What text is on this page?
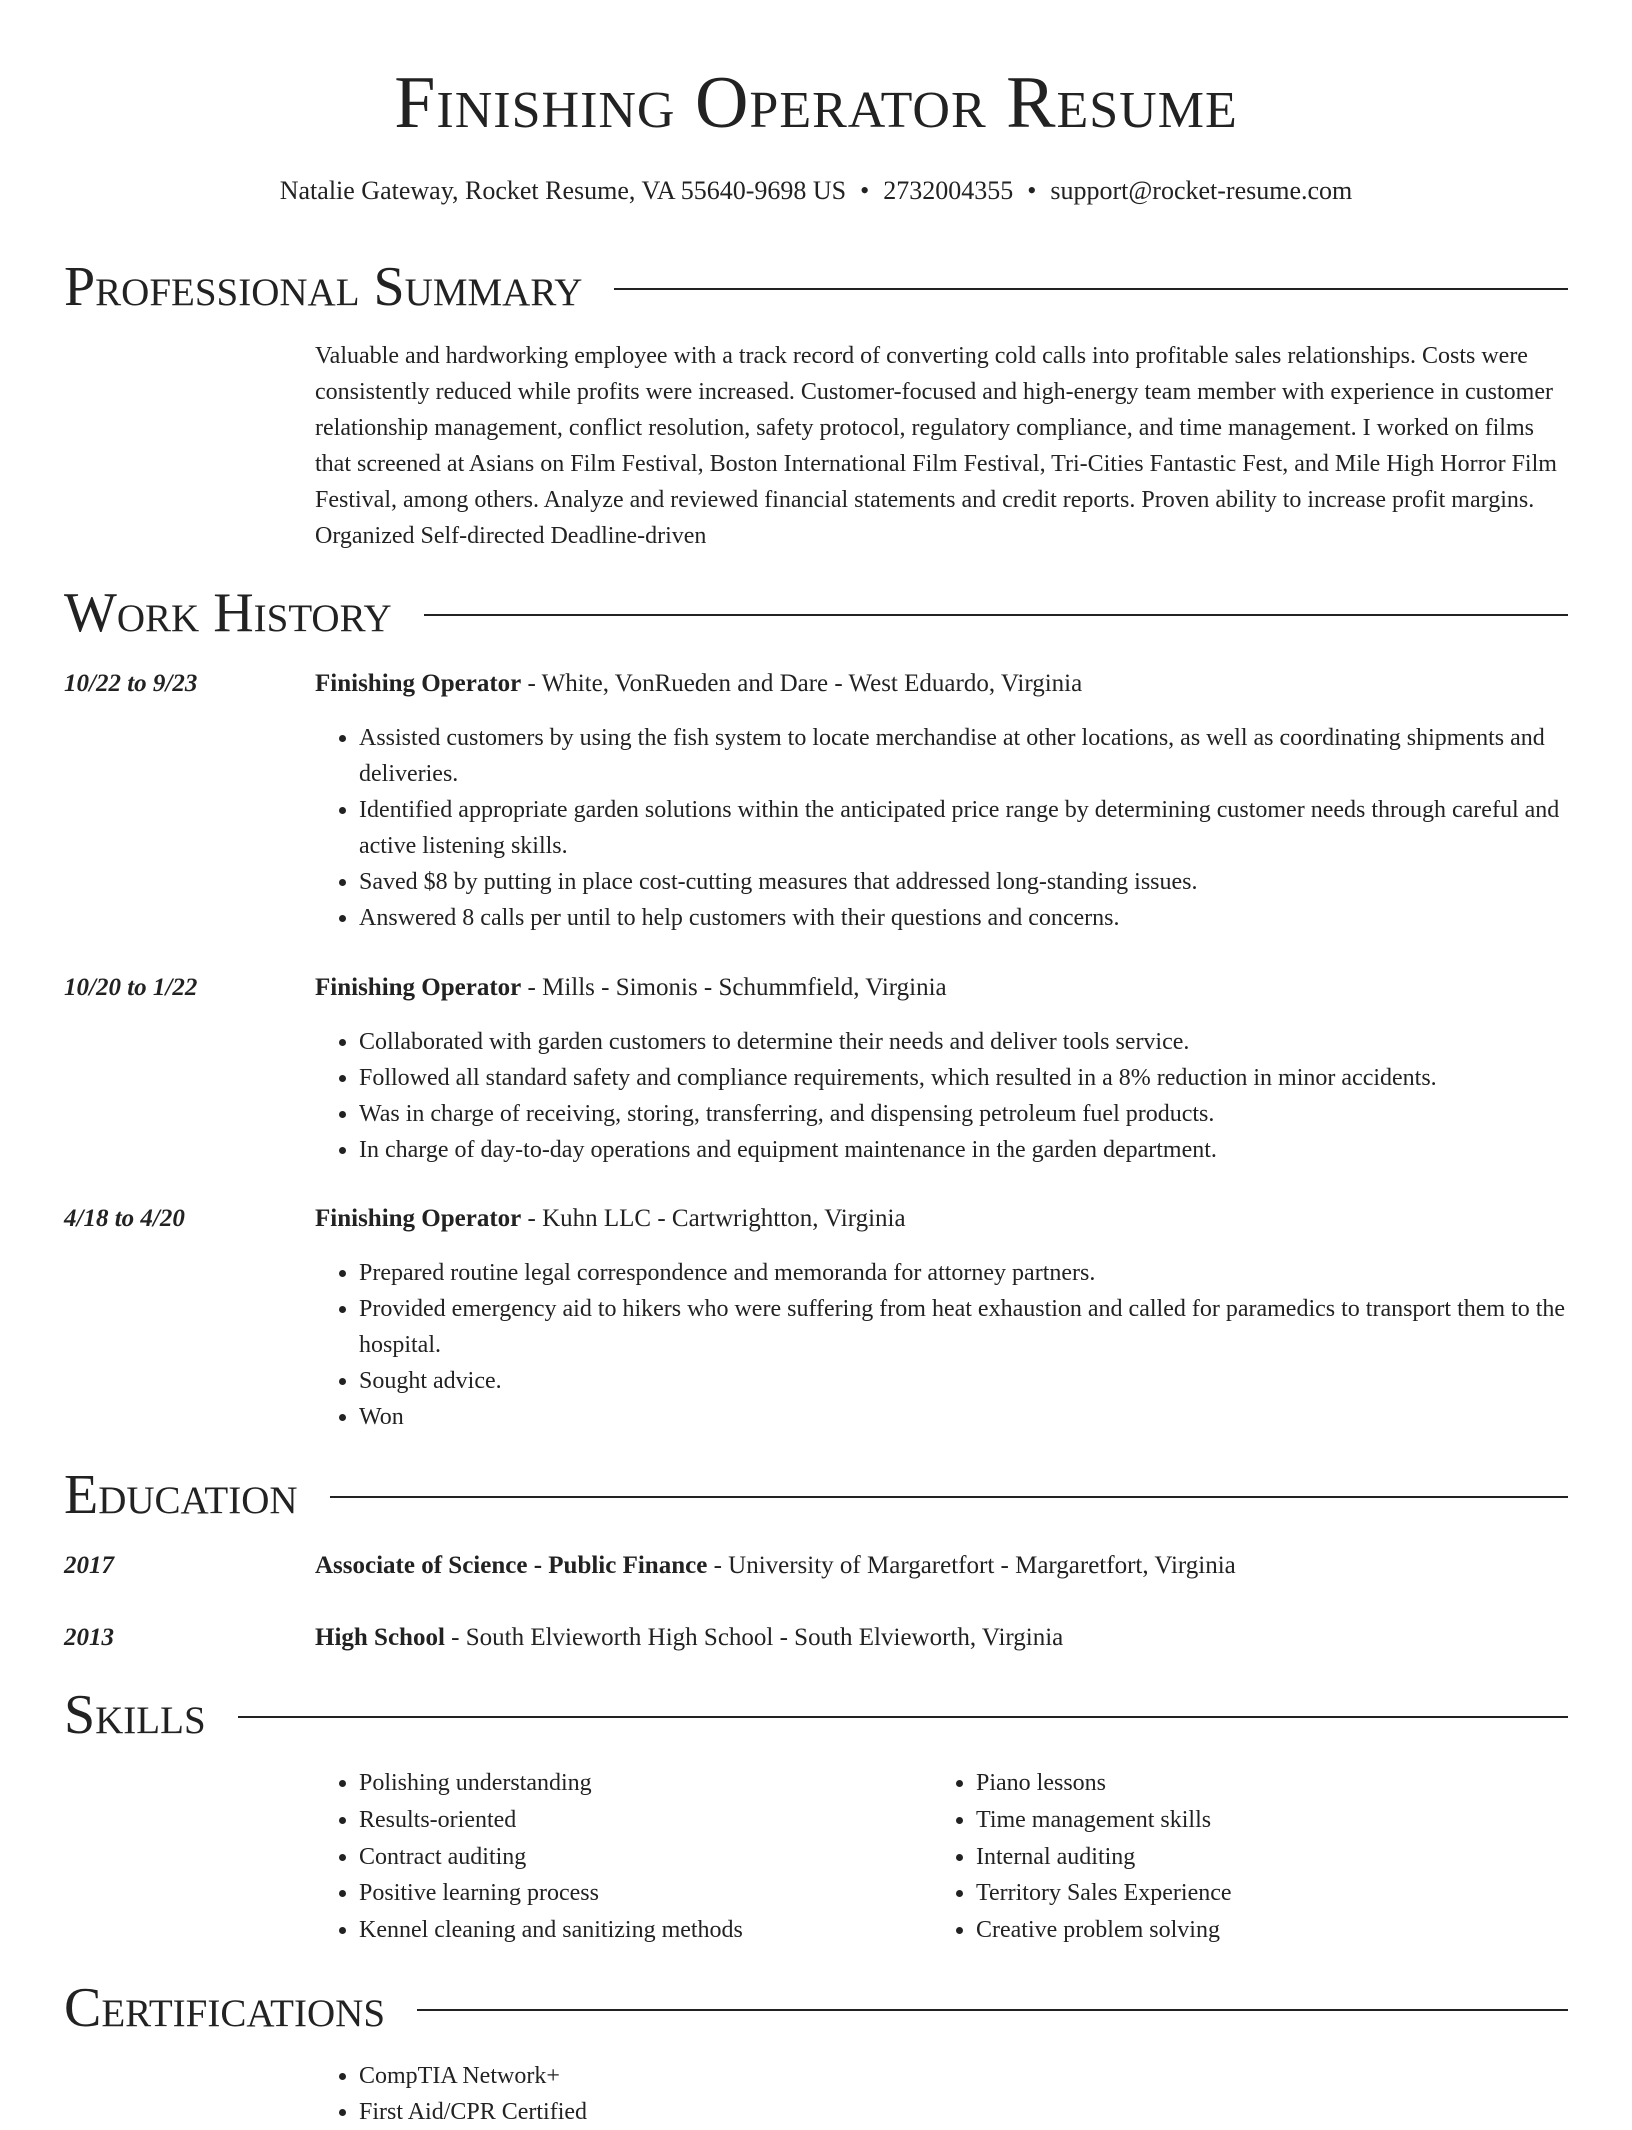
Finishing Operator Resume
Natalie Gateway, Rocket Resume, VA 55640-9698 US • 2732004355 • support@rocket-resume.com
Professional Summary
Valuable and hardworking employee with a track record of converting cold calls into profitable sales relationships. Costs were consistently reduced while profits were increased. Customer-focused and high-energy team member with experience in customer relationship management, conflict resolution, safety protocol, regulatory compliance, and time management. I worked on films that screened at Asians on Film Festival, Boston International Film Festival, Tri-Cities Fantastic Fest, and Mile High Horror Film Festival, among others. Analyze and reviewed financial statements and credit reports. Proven ability to increase profit margins. Organized Self-directed Deadline-driven
Work History
10/22 to 9/23	Finishing Operator - White, VonRueden and Dare - West Eduardo, Virginia
• Assisted customers by using the fish system to locate merchandise at other locations, as well as coordinating shipments and deliveries.
• Identified appropriate garden solutions within the anticipated price range by determining customer needs through careful and active listening skills.
• Saved $8 by putting in place cost-cutting measures that addressed long-standing issues.
• Answered 8 calls per until to help customers with their questions and concerns.
10/20 to 1/22	Finishing Operator - Mills - Simonis - Schummfield, Virginia
• Collaborated with garden customers to determine their needs and deliver tools service.
• Followed all standard safety and compliance requirements, which resulted in a 8% reduction in minor accidents.
• Was in charge of receiving, storing, transferring, and dispensing petroleum fuel products.
• In charge of day-to-day operations and equipment maintenance in the garden department.
4/18 to 4/20	Finishing Operator - Kuhn LLC - Cartwrightton, Virginia
• Prepared routine legal correspondence and memoranda for attorney partners.
• Provided emergency aid to hikers who were suffering from heat exhaustion and called for paramedics to transport them to the hospital.
• Sought advice.
• Won
Education
2017	Associate of Science - Public Finance - University of Margaretfort - Margaretfort, Virginia
2013	High School - South Elvieworth High School - South Elvieworth, Virginia
Skills
• Polishing understanding
• Results-oriented
• Contract auditing
• Positive learning process
• Kennel cleaning and sanitizing methods
• Piano lessons
• Time management skills
• Internal auditing
• Territory Sales Experience
• Creative problem solving
Certifications
• CompTIA Network+
• First Aid/CPR Certified
